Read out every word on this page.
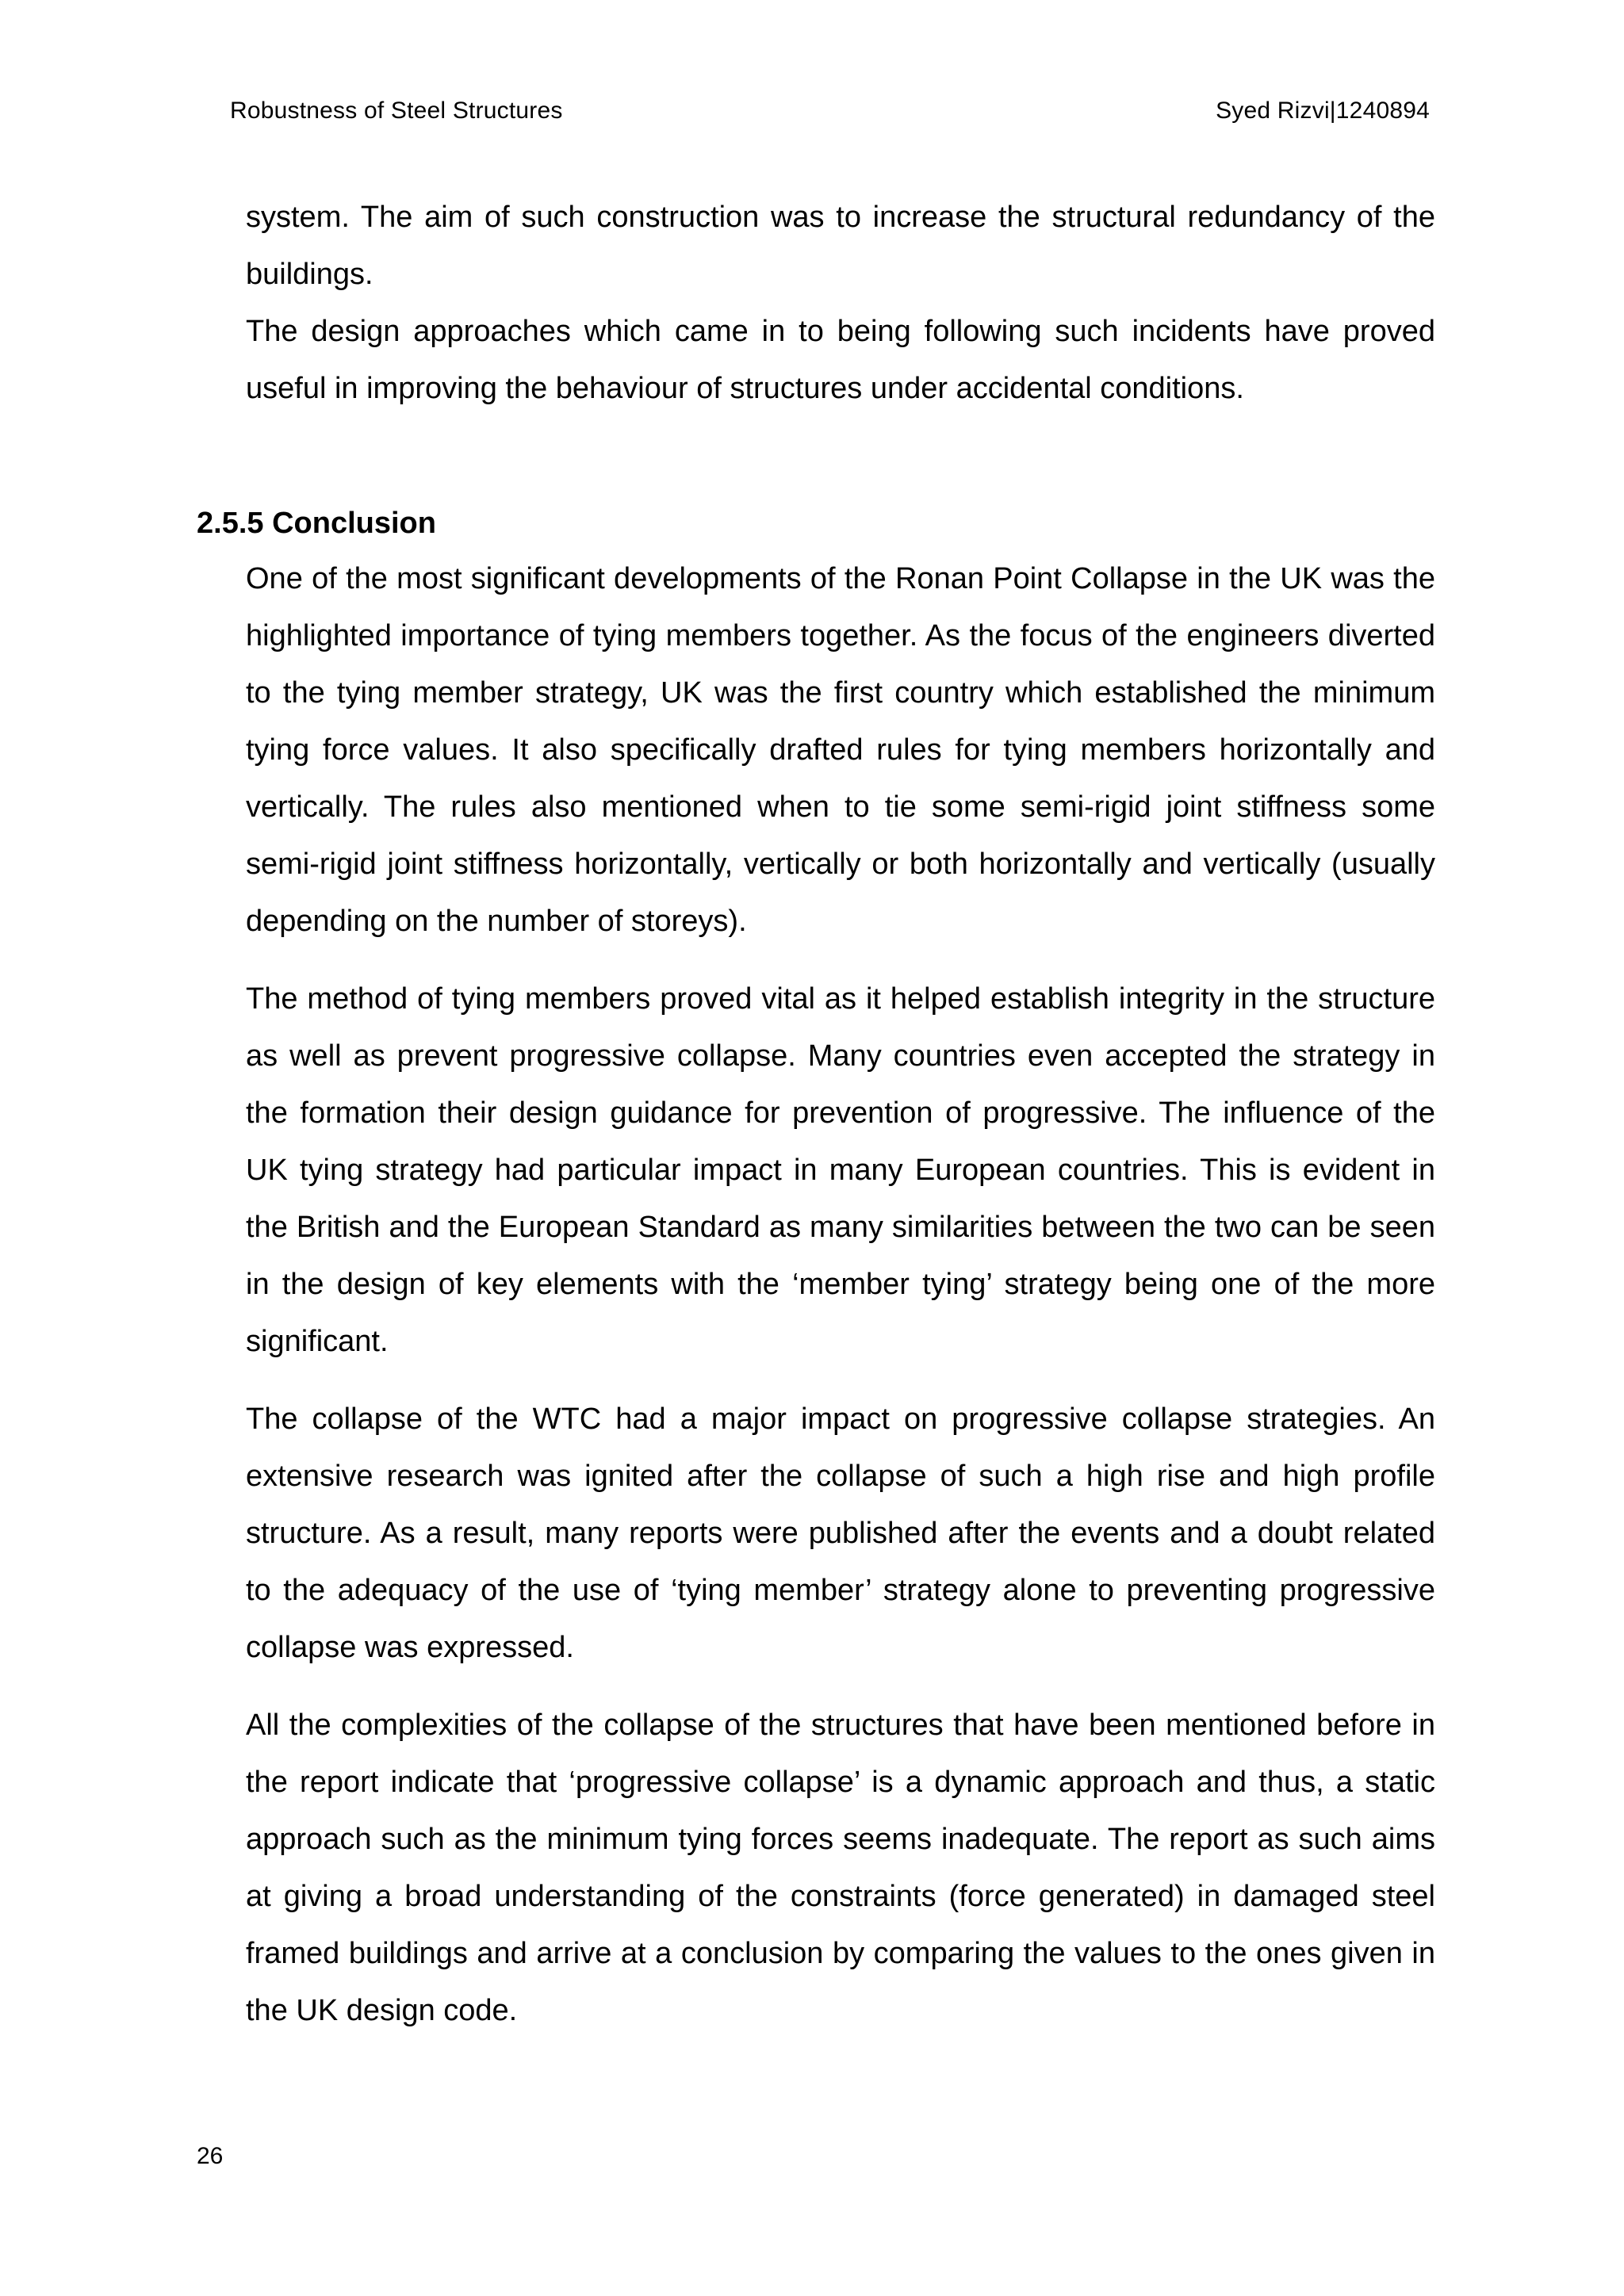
Robustness of Steel Structures	Syed Rizvi|1240894

system. The aim of such construction was to increase the structural redundancy of the buildings.

The design approaches which came in to being following such incidents have proved useful in improving the behaviour of structures under accidental conditions.

2.5.5 Conclusion

One of the most significant developments of the Ronan Point Collapse in the UK was the highlighted importance of tying members together. As the focus of the engineers diverted to the tying member strategy, UK was the first country which established the minimum tying force values. It also specifically drafted rules for tying members horizontally and vertically. The rules also mentioned when to tie some semi-rigid joint stiffness some semi-rigid joint stiffness horizontally, vertically or both horizontally and vertically (usually depending on the number of storeys).

The method of tying members proved vital as it helped establish integrity in the structure as well as prevent progressive collapse. Many countries even accepted the strategy in the formation their design guidance for prevention of progressive. The influence of the UK tying strategy had particular impact in many European countries. This is evident in the British and the European Standard as many similarities between the two can be seen in the design of key elements with the ‘member tying’ strategy being one of the more significant.

The collapse of the WTC had a major impact on progressive collapse strategies. An extensive research was ignited after the collapse of such a high rise and high profile structure. As a result, many reports were published after the events and a doubt related to the adequacy of the use of ‘tying member’ strategy alone to preventing progressive collapse was expressed.

All the complexities of the collapse of the structures that have been mentioned before in the report indicate that ‘progressive collapse’ is a dynamic approach and thus, a static approach such as the minimum tying forces seems inadequate. The report as such aims at giving a broad understanding of the constraints (force generated) in damaged steel framed buildings and arrive at a conclusion by comparing the values to the ones given in the UK design code.

26
